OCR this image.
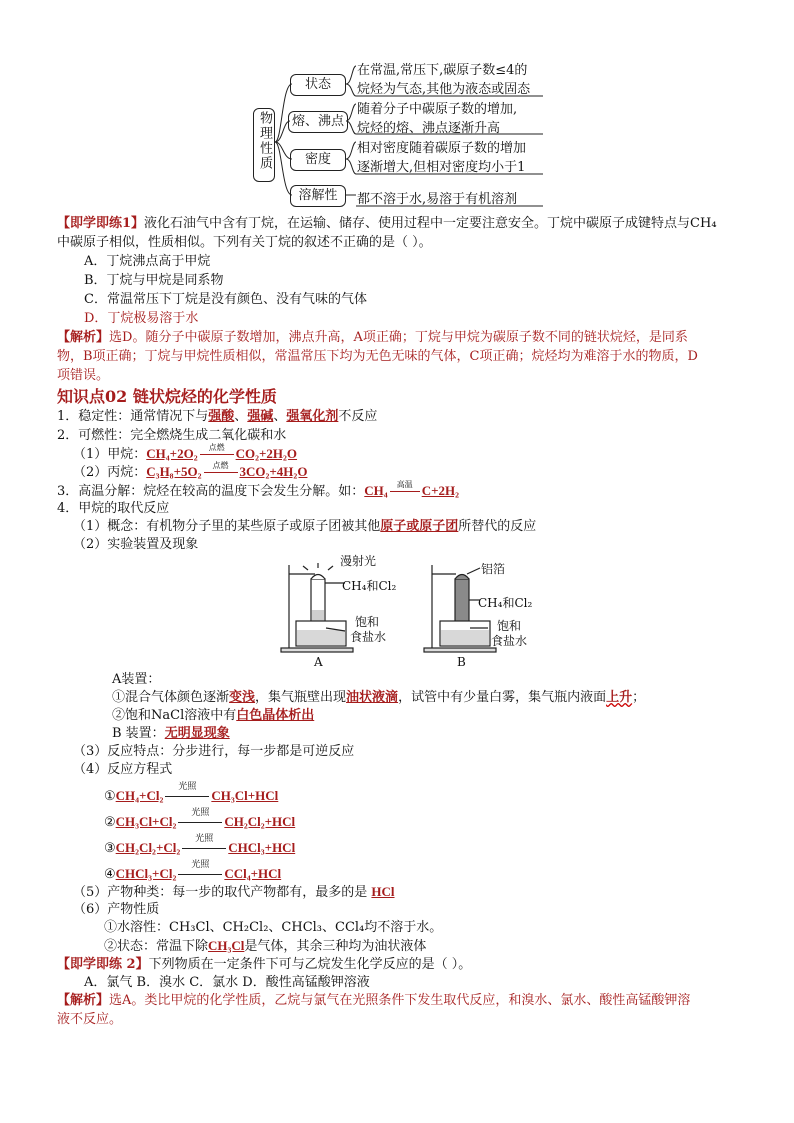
物理性质
状态
熔、沸点
密度
溶解性
在常温,常压下,碳原子数≤4的
烷烃为气态,其他为液态或固态
随着分子中碳原子数的增加,
烷烃的熔、沸点逐渐升高
相对密度随着碳原子数的增加
逐渐增大,但相对密度均小于1
都不溶于水,易溶于有机溶剂
【即学即练1】液化石油气中含有丁烷，在运输、储存、使用过程中一定要注意安全。丁烷中碳原子成键特点与CH₄
中碳原子相似，性质相似。下列有关丁烷的叙述不正确的是（ ）。
A．丁烷沸点高于甲烷
B．丁烷与甲烷是同系物
C．常温常压下丁烷是没有颜色、没有气味的气体
D．丁烷极易溶于水
【解析】选D。随分子中碳原子数增加，沸点升高，A项正确；丁烷与甲烷为碳原子数不同的链状烷烃，是同系
物，B项正确；丁烷与甲烷性质相似，常温常压下均为无色无味的气体，C项正确；烷烃均为难溶于水的物质，D
项错误。
知识点02 链状烷烃的化学性质
1．稳定性：通常情况下与强酸、强碱、强氧化剂不反应
2．可燃性：完全燃烧生成二氧化碳和水
（1）甲烷：CH₄+2O₂	点燃 CO₂+2H₂O
（2）丙烷：C₃H₈+5O₂	点燃 3CO₂+4H₂O
3．高温分解：烷烃在较高的温度下会发生分解。如：CH₄	高温 C+2H₂
4．甲烷的取代反应
（1）概念：有机物分子里的某些原子或原子团被其他原子或原子团所替代的反应
（2）实验装置及现象
漫射光
CH₄和Cl₂
饱和
食盐水
A
铝箔
CH₄和Cl₂
饱和
食盐水
B
A装置：
①混合气体颜色逐渐变浅，集气瓶壁出现油状液滴，试管中有少量白雾，集气瓶内液面上升；
②饱和NaCl溶液中有白色晶体析出
B 装置：无明显现象
（3）反应特点：分步进行，每一步都是可逆反应
（4）反应方程式
①CH₄+Cl₂
光照
CH₃Cl+HCl
②CH₃Cl+Cl₂
光照
CH₂Cl₂+HCl
③CH₂Cl₂+Cl₂
光照
CHCl₃+HCl
④CHCl₃+Cl₂
光照
CCl₄+HCl
（5）产物种类：每一步的取代产物都有，最多的是 HCl
（6）产物性质
①水溶性：CH₃Cl、CH₂Cl₂、CHCl₃、CCl₄均不溶于水。
②状态：常温下除CH₃Cl是气体，其余三种均为油状液体
【即学即练 2】下列物质在一定条件下可与乙烷发生化学反应的是（ ）。
A．氯气 B．溴水 C．氯水 D．酸性高锰酸钾溶液
【解析】选A。类比甲烷的化学性质，乙烷与氯气在光照条件下发生取代反应，和溴水、氯水、酸性高锰酸钾溶
液不反应。
